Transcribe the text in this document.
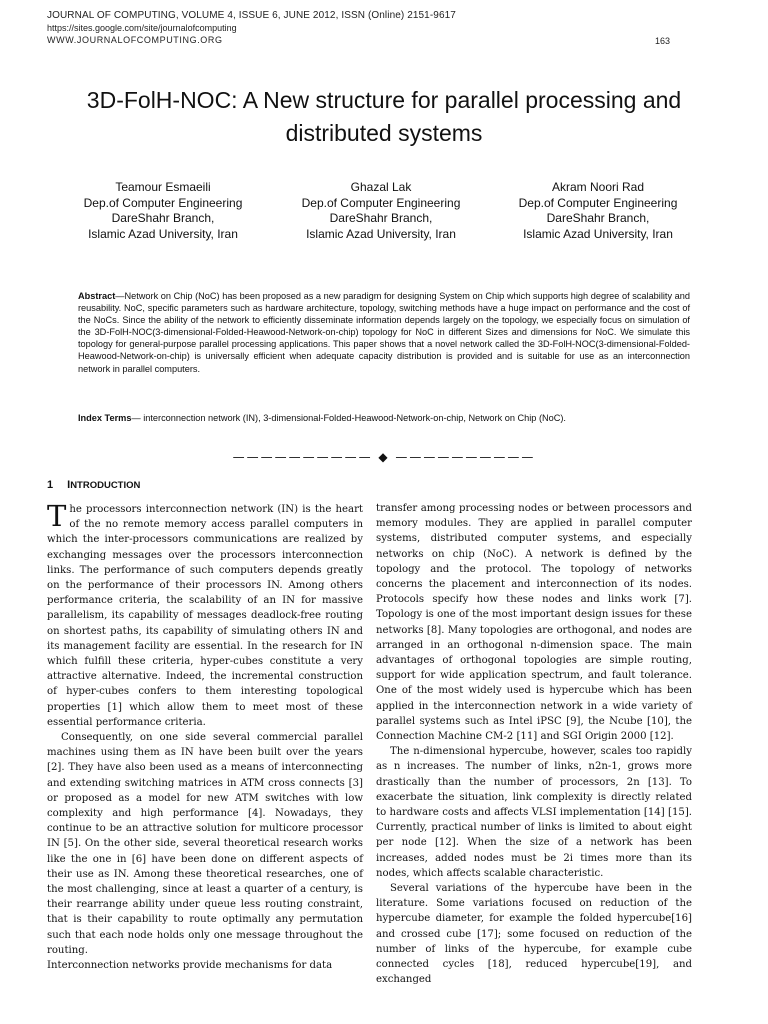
JOURNAL OF COMPUTING, VOLUME 4, ISSUE 6, JUNE 2012, ISSN (Online) 2151-9617
https://sites.google.com/site/journalofcomputing
WWW.JOURNALOFCOMPUTING.ORG	163
3D-FolH-NOC: A New structure for parallel processing and distributed systems
Teamour Esmaeili
Dep.of Computer Engineering
DareShahr Branch,
Islamic Azad University, Iran
Ghazal Lak
Dep.of Computer Engineering
DareShahr Branch,
Islamic Azad University, Iran
Akram Noori Rad
Dep.of Computer Engineering
DareShahr Branch,
Islamic Azad University, Iran
Abstract—Network on Chip (NoC) has been proposed as a new paradigm for designing System on Chip which supports high degree of scalability and reusability. NoC, specific parameters such as hardware architecture, topology, switching methods have a huge impact on performance and the cost of the NoCs. Since the ability of the network to efficiently disseminate information depends largely on the topology, we especially focus on simulation of the 3D-FolH-NOC(3-dimensional-Folded-Heawood-Network-on-chip) topology for NoC in different Sizes and dimensions for NoC. We simulate this topology for general-purpose parallel processing applications. This paper shows that a novel network called the 3D-FolH-NOC(3-dimensional-Folded-Heawood-Network-on-chip) is universally efficient when adequate capacity distribution is provided and is suitable for use as an interconnection network in parallel computers.
Index Terms— interconnection network (IN), 3-dimensional-Folded-Heawood-Network-on-chip, Network on Chip (NoC).
—————————— ◆ ——————————
1 INTRODUCTION

The processors interconnection network (IN) is the heart of the no remote memory access parallel computers in which the inter-processors communications are realized by exchanging messages over the processors interconnection links. The performance of such computers depends greatly on the performance of their processors IN. Among others performance criteria, the scalability of an IN for massive parallelism, its capability of messages deadlock-free routing on shortest paths, its capability of simulating others IN and its management facility are essential. In the research for IN which fulfill these criteria, hyper-cubes constitute a very attractive alternative. Indeed, the incremental construction of hyper-cubes confers to them interesting topological properties [1] which allow them to meet most of these essential performance criteria.

Consequently, on one side several commercial parallel machines using them as IN have been built over the years [2]. They have also been used as a means of interconnecting and extending switching matrices in ATM cross connects [3] or proposed as a model for new ATM switches with low complexity and high performance [4]. Nowadays, they continue to be an attractive solution for multicore processor IN [5]. On the other side, several theoretical research works like the one in [6] have been done on different aspects of their use as IN. Among these theoretical researches, one of the most challenging, since at least a quarter of a century, is their rearrange ability under queue less routing constraint, that is their capability to route optimally any permutation such that each node holds only one message throughout the routing.

Interconnection networks provide mechanisms for data

transfer among processing nodes or between processors and memory modules. They are applied in parallel computer systems, distributed computer systems, and especially networks on chip (NoC). A network is defined by the topology and the protocol. The topology of networks concerns the placement and interconnection of its nodes. Protocols specify how these nodes and links work [7]. Topology is one of the most important design issues for these networks [8]. Many topologies are orthogonal, and nodes are arranged in an orthogonal n-dimension space. The main advantages of orthogonal topologies are simple routing, support for wide application spectrum, and fault tolerance. One of the most widely used is hypercube which has been applied in the interconnection network in a wide variety of parallel systems such as Intel iPSC [9], the Ncube [10], the Connection Machine CM-2 [11] and SGI Origin 2000 [12].

The n-dimensional hypercube, however, scales too rapidly as n increases. The number of links, n2n-1, grows more drastically than the number of processors, 2n [13]. To exacerbate the situation, link complexity is directly related to hardware costs and affects VLSI implementation [14] [15]. Currently, practical number of links is limited to about eight per node [12]. When the size of a network has been increases, added nodes must be 2i times more than its nodes, which affects scalable characteristic.

Several variations of the hypercube have been in the literature. Some variations focused on reduction of the hypercube diameter, for example the folded hypercube[16] and crossed cube [17]; some focused on reduction of the number of links of the hypercube, for example cube connected cycles [18], reduced hypercube[19], and exchanged
